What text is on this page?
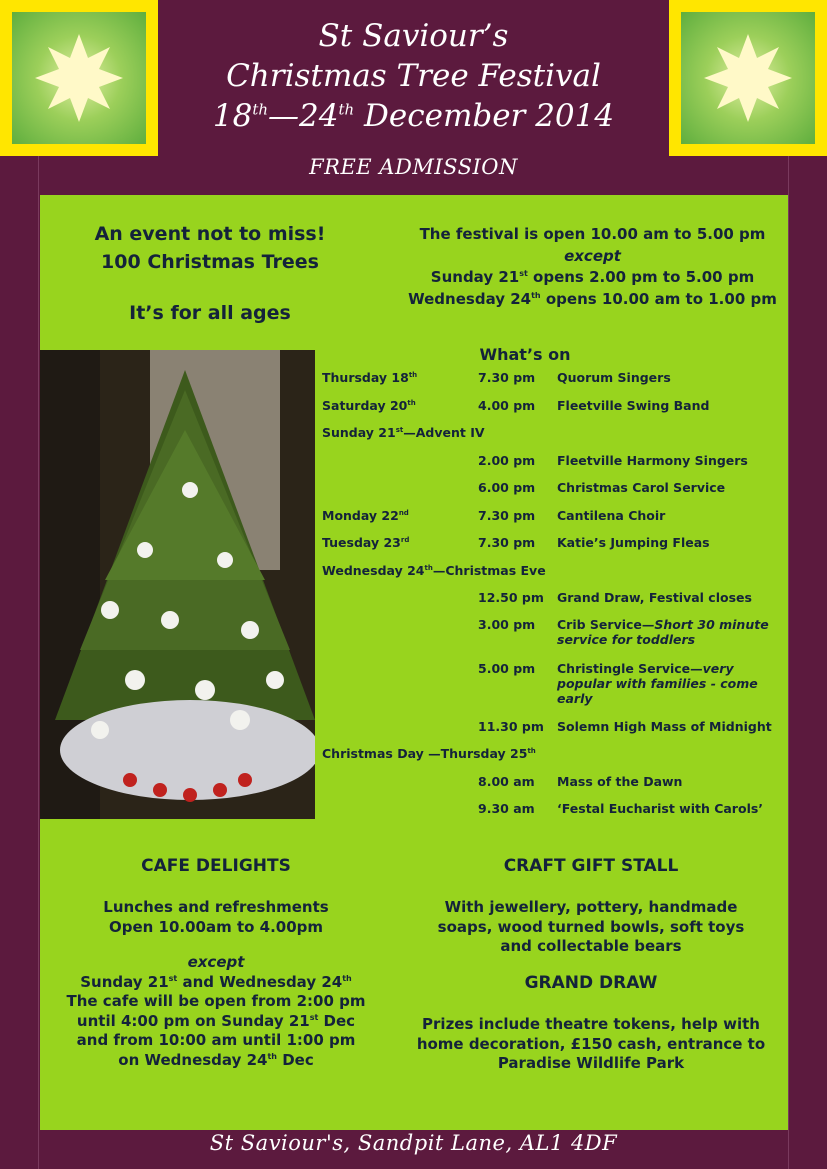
St Saviour’s
Christmas Tree Festival
18th—24th December 2014
FREE ADMISSION
An event not to miss!
100 Christmas Trees
It’s for all ages
The festival is open 10.00 am to 5.00 pm
except
Sunday 21st opens 2.00 pm to 5.00 pm
Wednesday 24th opens 10.00 am to 1.00 pm
What’s on
Thursday 18th	7.30 pm Quorum Singers
Saturday 20th	4.00 pm Fleetville Swing Band
Sunday 21st—Advent IV
2.00 pm Fleetville Harmony Singers
6.00 pm Christmas Carol Service
Monday 22nd	7.30 pm Cantilena Choir
Tuesday 23rd	7.30 pm Katie’s Jumping Fleas
Wednesday 24th—Christmas Eve
12.50 pm Grand Draw, Festival closes
3.00 pm Crib Service—Short 30 minute service for toddlers
5.00 pm Christingle Service—very popular with families - come early
11.30 pm Solemn High Mass of Midnight
Christmas Day —Thursday 25th
8.00 am Mass of the Dawn
9.30 am ‘Festal Eucharist with Carols’
CAFE DELIGHTS
Lunches and refreshments
Open 10.00am to 4.00pm
except
Sunday 21st and Wednesday 24th
The cafe will be open from 2:00 pm
until 4:00 pm on Sunday 21st Dec
and from 10:00 am until 1:00 pm
on Wednesday 24th Dec
CRAFT GIFT STALL
With jewellery, pottery, handmade
soaps, wood turned bowls, soft toys
and collectable bears
GRAND DRAW
Prizes include theatre tokens, help with
home decoration, £150 cash, entrance to
Paradise Wildlife Park
St Saviour's, Sandpit Lane, AL1 4DF
